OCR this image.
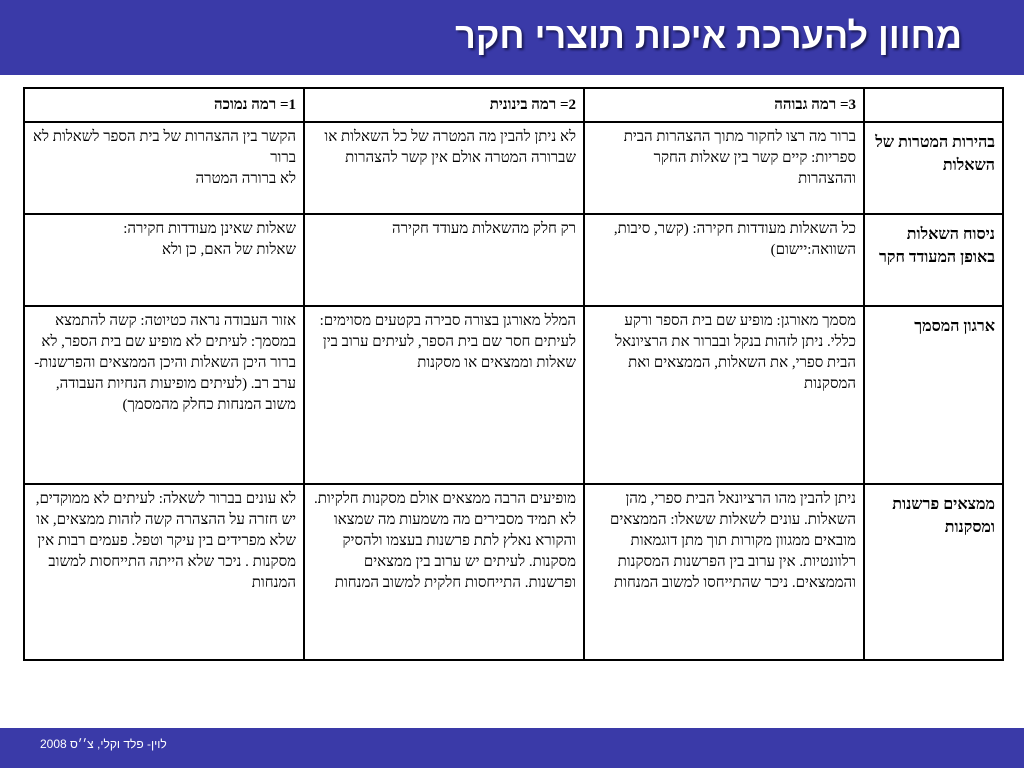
מחוון להערכת איכות תוצרי חקר
	3= רמה גבוהה	2= רמה בינונית	1= רמה נמוכה
בהירות המטרות של השאלות	ברור מה רצו לחקור מתוך ההצהרות הבית ספריות: קיים קשר בין שאלות החקר וההצהרות	לא ניתן להבין מה המטרה של כל השאלות או שברורה המטרה אולם אין קשר להצהרות	הקשר בין ההצהרות של בית הספר לשאלות לא ברור
לא ברורה המטרה

ניסוח השאלות באופן המעודד חקר	כל השאלות מעודדות חקירה: (קשר, סיבות, השוואה:יישום)	רק חלק מהשאלות מעודד חקירה	שאלות שאינן מעודדות חקירה:
שאלות של האם, כן ולא

ארגון המסמך	מסמך מאורגן: מופיע שם בית הספר ורקע כללי. ניתן לזהות בנקל ובברור את הרציונאל הבית ספרי, את השאלות, הממצאים ואת המסקנות	המלל מאורגן בצורה סבירה בקטעים מסוימים: לעיתים חסר שם בית הספר, לעיתים ערוב בין שאלות וממצאים או מסקנות	אזור העבודה נראה כטיוטה: קשה להתמצא במסמך: לעיתים לא מופיע שם בית הספר, לא ברור היכן השאלות והיכן הממצאים והפרשנות- ערב רב. (לעיתים מופיעות הנחיות העבודה, משוב המנחות כחלק מהמסמך)
ממצאים פרשנות ומסקנות	ניתן להבין מהו הרציונאל הבית ספרי, מהן השאלות. עונים לשאלות ששאלו: הממצאים מובאים ממגוון מקורות תוך מתן דוגמאות רלוונטיות. אין ערוב בין הפרשנות המסקנות והממצאים. ניכר שהתייחסו למשוב המנחות	מופיעים הרבה ממצאים אולם מסקנות חלקיות. לא תמיד מסבירים מה משמעות מה שמצאו והקורא נאלץ לתת פרשנות בעצמו ולהסיק מסקנות. לעיתים יש ערוב בין ממצאים ופרשנות. התייחסות חלקית למשוב המנחות	לא עונים בברור לשאלה: לעיתים לא ממוקדים, יש חזרה על ההצהרה קשה לזהות ממצאים, או שלא מפרידים בין עיקר וטפל. פעמים רבות אין מסקנות . ניכר שלא הייתה התייחסות למשוב המנחות
לוין- פלד וקלי, צ׳׳ס 2008
